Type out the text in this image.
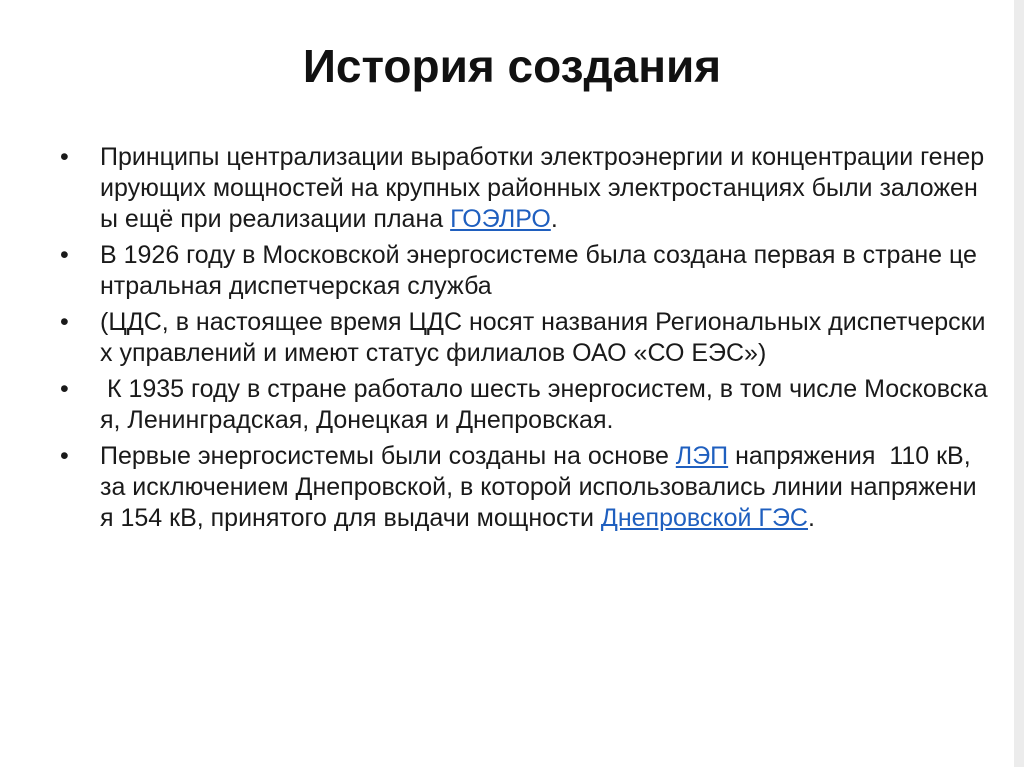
История создания
•	Принципы централизации выработки электроэнергии и концентрации генерирующих мощностей на крупных районных электростанциях были заложены ещё при реализации плана ГОЭЛРО.
•	В 1926 году в Московской энергосистеме была создана первая в стране центральная диспетчерская служба
•	(ЦДС, в настоящее время ЦДС носят названия Региональных диспетчерских управлений и имеют статус филиалов ОАО «СО ЕЭС»)
•	К 1935 году в стране работало шесть энергосистем, в том числе Московская, Ленинградская, Донецкая и Днепровская.
•	Первые энергосистемы были созданы на основе ЛЭП напряжения  110 кВ, за исключением Днепровской, в которой использовались линии напряжения 154 кВ, принятого для выдачи мощности Днепровской ГЭС.
